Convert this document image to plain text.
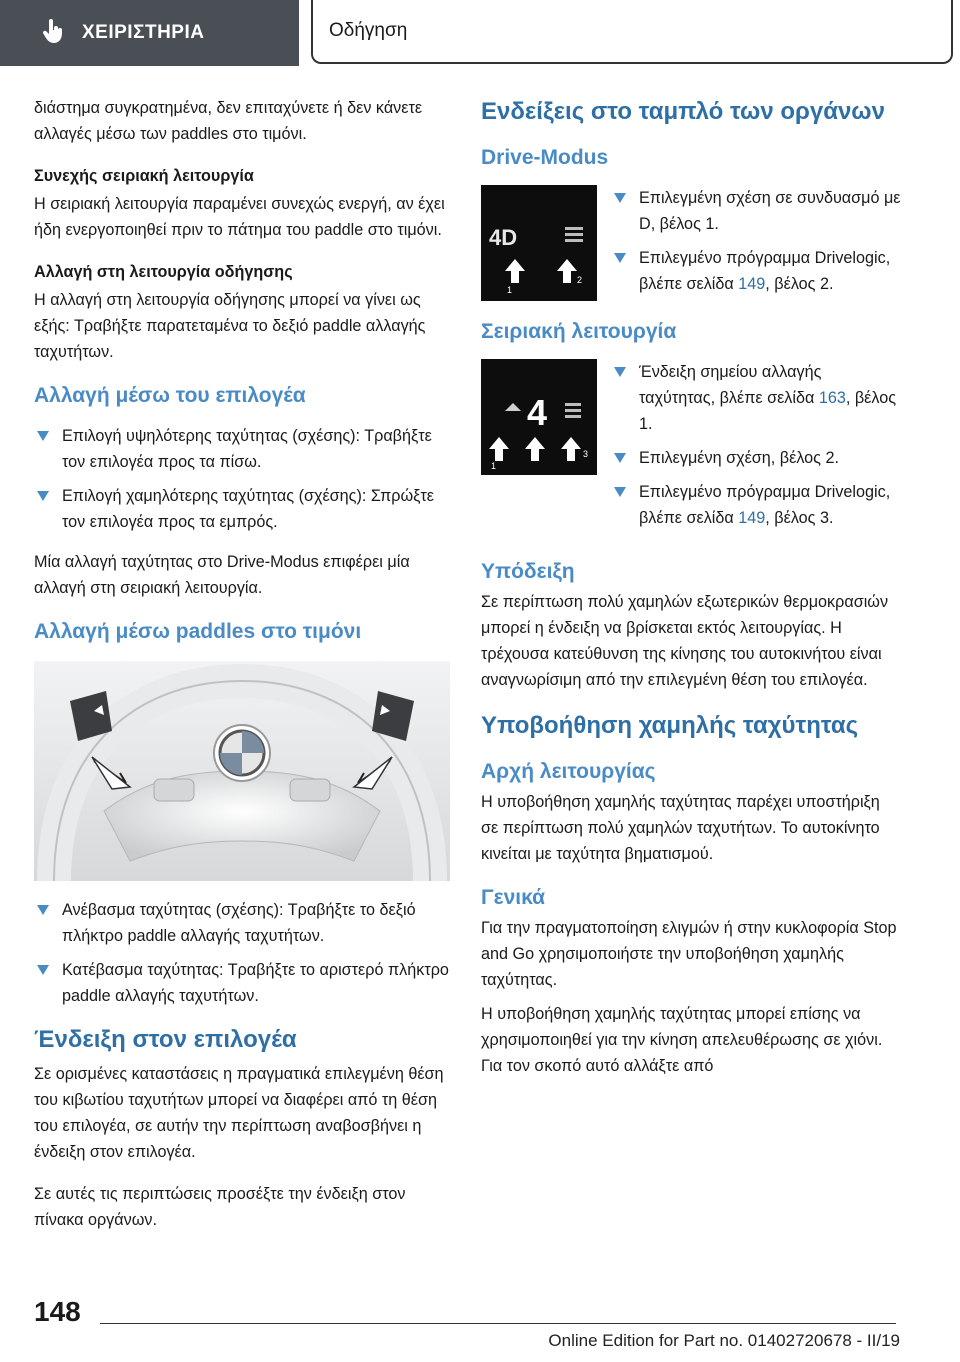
ΧΕΙΡΙΣΤΗΡΙΑ	Οδήγηση

διάστημα συγκρατημένα, δεν επιταχύνετε ή δεν κάνετε αλλαγές μέσω των paddles στο τιμόνι.

Συνεχής σειριακή λειτουργία

Η σειριακή λειτουργία παραμένει συνεχώς ενεργή, αν έχει ήδη ενεργοποιηθεί πριν το πάτημα του paddle στο τιμόνι.

Αλλαγή στη λειτουργία οδήγησης

Η αλλαγή στη λειτουργία οδήγησης μπορεί να γίνει ως εξής: Τραβήξτε παρατεταμένα το δεξιό paddle αλλαγής ταχυτήτων.

Αλλαγή μέσω του επιλογέα
Επιλογή υψηλότερης ταχύτητας (σχέσης): Τραβήξτε τον επιλογέα προς τα πίσω.
Επιλογή χαμηλότερης ταχύτητας (σχέσης): Σπρώξτε τον επιλογέα προς τα εμπρός.

Μία αλλαγή ταχύτητας στο Drive-Modus επιφέρει μία αλλαγή στη σειριακή λειτουργία.

Αλλαγή μέσω paddles στο τιμόνι
Ανέβασμα ταχύτητας (σχέσης): Τραβήξτε το δεξιό πλήκτρο paddle αλλαγής ταχυτήτων.
Κατέβασμα ταχύτητας: Τραβήξτε το αριστερό πλήκτρο paddle αλλαγής ταχυτήτων.
Ένδειξη στον επιλογέα

Σε ορισμένες καταστάσεις η πραγματικά επιλεγμένη θέση του κιβωτίου ταχυτήτων μπορεί να διαφέρει από τη θέση του επιλογέα, σε αυτήν την περίπτωση αναβοσβήνει η ένδειξη στον επιλογέα.

Σε αυτές τις περιπτώσεις προσέξτε την ένδειξη στον πίνακα οργάνων.

Ενδείξεις στο ταμπλό των οργάνων
Drive-Modus
4D
1
2
Επιλεγμένη σχέση σε συνδυασμό με D, βέλος 1.
Επιλεγμένο πρόγραμμα Drivelogic, βλέπε σελίδα 149, βέλος 2.
Σειριακή λειτουργία
4
1
2	3
Ένδειξη σημείου αλλαγής ταχύτητας, βλέπε σελίδα 163, βέλος 1.
Επιλεγμένη σχέση, βέλος 2.
Επιλεγμένο πρόγραμμα Drivelogic, βλέπε σελίδα 149, βέλος 3.
Υπόδειξη

Σε περίπτωση πολύ χαμηλών εξωτερικών θερμοκρασιών μπορεί η ένδειξη να βρίσκεται εκτός λειτουργίας. Η τρέχουσα κατεύθυνση της κίνησης του αυτοκινήτου είναι αναγνωρίσιμη από την επιλεγμένη θέση του επιλογέα.

Υποβοήθηση χαμηλής ταχύτητας
Αρχή λειτουργίας

Η υποβοήθηση χαμηλής ταχύτητας παρέχει υποστήριξη σε περίπτωση πολύ χαμηλών ταχυτήτων. Το αυτοκίνητο κινείται με ταχύτητα βηματισμού.

Γενικά

Για την πραγματοποίηση ελιγμών ή στην κυκλοφορία Stop and Go χρησιμοποιήστε την υποβοήθηση χαμηλής ταχύτητας.

Η υποβοήθηση χαμηλής ταχύτητας μπορεί επίσης να χρησιμοποιηθεί για την κίνηση απελευθέρωσης σε χιόνι. Για τον σκοπό αυτό αλλάξτε από

148
Online Edition for Part no. 01402720678 - II/19
